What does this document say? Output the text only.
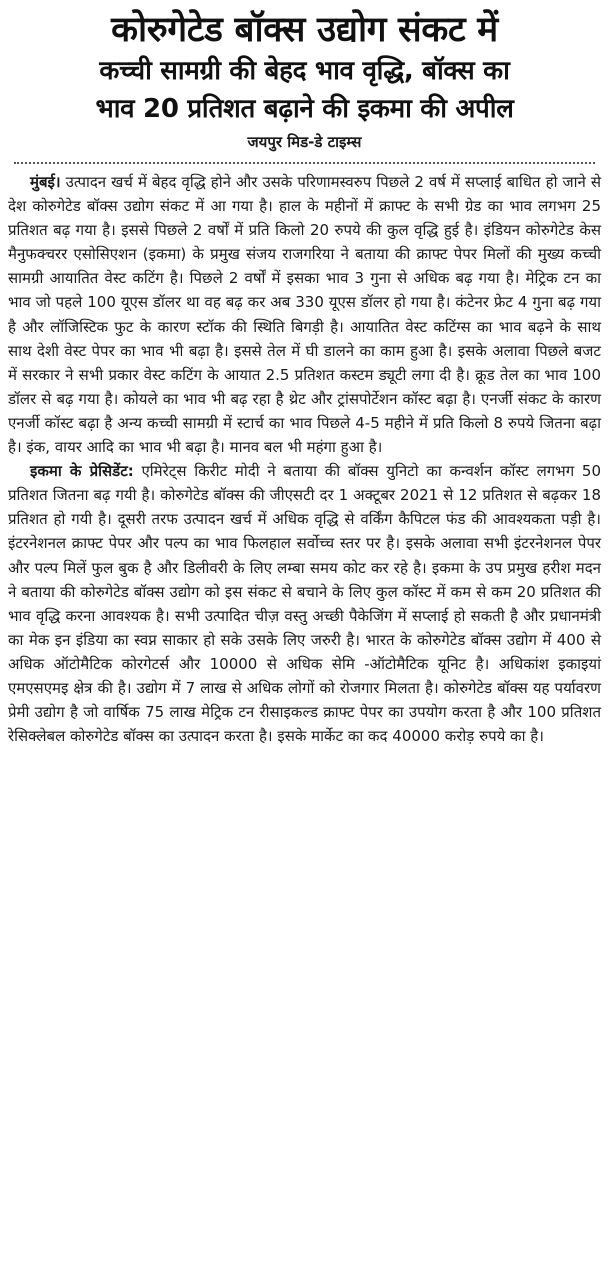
कोरुगेटेड बॉक्स उद्योग संकट में
कच्ची सामग्री की बेहद भाव वृद्धि, बॉक्स का
भाव 20 प्रतिशत बढ़ाने की इकमा की अपील
जयपुर मिड-डे टाइम्स

मुंबई। उत्पादन खर्च में बेहद वृद्धि होने और उसके परिणामस्वरुप पिछले 2 वर्ष में सप्लाई बाधित हो जाने से देश कोरुगेटेड बॉक्स उद्योग संकट में आ गया है। हाल के महीनों में क्राफ्ट के सभी ग्रेड का भाव लगभग 25 प्रतिशत बढ़ गया है। इससे पिछले 2 वर्षों में प्रति किलो 20 रुपये की कुल वृद्धि हुई है। इंडियन कोरुगेटेड केस मैनुफक्चरर एसोसिएशन (इकमा) के प्रमुख संजय राजगरिया ने बताया की क्राफ्ट पेपर मिलों की मुख्य कच्ची सामग्री आयातित वेस्ट कटिंग है। पिछले 2 वर्षों में इसका भाव 3 गुना से अधिक बढ़ गया है। मेट्रिक टन का भाव जो पहले 100 यूएस डॉलर था वह बढ़ कर अब 330 यूएस डॉलर हो गया है। कंटेनर फ्रेट 4 गुना बढ़ गया है और लॉजिस्टिक फुट के कारण स्टॉक की स्थिति बिगड़ी है। आयातित वेस्ट कटिंग्स का भाव बढ़ने के साथ साथ देशी वेस्ट पेपर का भाव भी बढ़ा है। इससे तेल में घी डालने का काम हुआ है। इसके अलावा पिछले बजट में सरकार ने सभी प्रकार वेस्ट कटिंग के आयात 2.5 प्रतिशत कस्टम ड्यूटी लगा दी है। क्रूड तेल का भाव 100 डॉलर से बढ़ गया है। कोयले का भाव भी बढ़ रहा है थ्रेट और ट्रांसपोर्टेशन कॉस्ट बढ़ा है। एनर्जी संकट के कारण एनर्जी कॉस्ट बढ़ा है अन्य कच्ची सामग्री में स्टार्च का भाव पिछले 4-5 महीने में प्रति किलो 8 रुपये जितना बढ़ा है। इंक, वायर आदि का भाव भी बढ़ा है। मानव बल भी महंगा हुआ है।

इकमा के प्रेसिडेंट: एमिरेट्स किरीट मोदी ने बताया की बॉक्स युनिटो का कन्वर्शन कॉस्ट लगभग 50 प्रतिशत जितना बढ़ गयी है। कोरुगेटेड बॉक्स की जीएसटी दर 1 अक्टूबर 2021 से 12 प्रतिशत से बढ़कर 18 प्रतिशत हो गयी है। दूसरी तरफ उत्पादन खर्च में अधिक वृद्धि से वर्किंग कैपिटल फंड की आवश्यकता पड़ी है। इंटरनेशनल क्राफ्ट पेपर और पल्प का भाव फिलहाल सर्वोच्च स्तर पर है। इसके अलावा सभी इंटरनेशनल पेपर और पल्प मिलें फुल बुक है और डिलीवरी के लिए लम्बा समय कोट कर रहे है। इकमा के उप प्रमुख हरीश मदन ने बताया की कोरुगेटेड बॉक्स उद्योग को इस संकट से बचाने के लिए कुल कॉस्ट में कम से कम 20 प्रतिशत की भाव वृद्धि करना आवश्यक है। सभी उत्पादित चीज़ वस्तु अच्छी पैकेजिंग में सप्लाई हो सकती है और प्रधानमंत्री का मेक इन इंडिया का स्वप्न साकार हो सके उसके लिए जरुरी है। भारत के कोरुगेटेड बॉक्स उद्योग में 400 से अधिक ऑटोमैटिक कोरगेटर्स और 10000 से अधिक सेमि -ऑटोमैटिक यूनिट है। अधिकांश इकाइयां एमएसएमइ क्षेत्र की है। उद्योग में 7 लाख से अधिक लोगों को रोजगार मिलता है। कोरुगेटेड बॉक्स यह पर्यावरण प्रेमी उद्योग है जो वार्षिक 75 लाख मेट्रिक टन रीसाइकल्ड क्राफ्ट पेपर का उपयोग करता है और 100 प्रतिशत रेसिक्लेबल कोरुगेटेड बॉक्स का उत्पादन करता है। इसके मार्केट का कद 40000 करोड़ रुपये का है।
